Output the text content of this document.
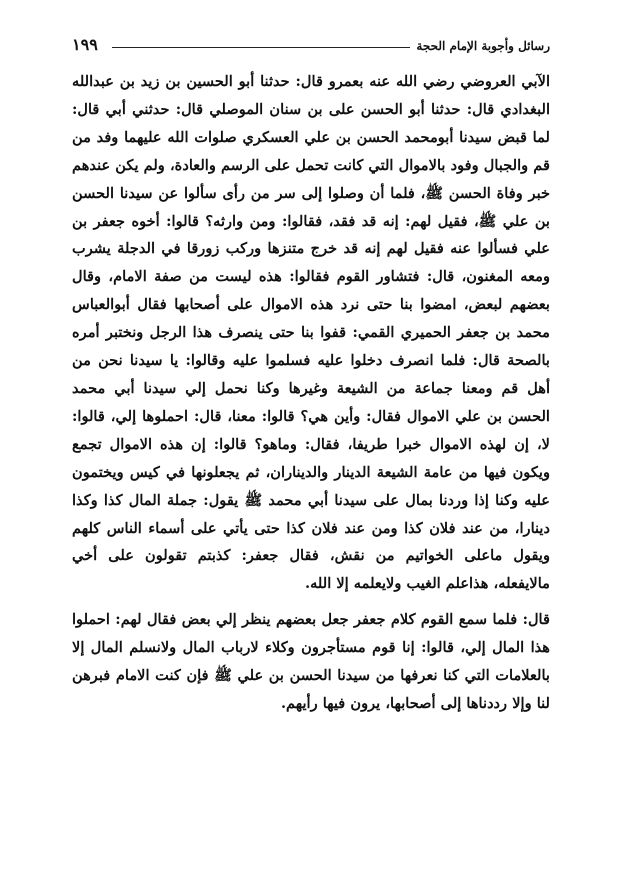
رسائل وأجوبة الإمام الحجة
١٩٩

الآبي العروضي رضي الله عنه بعمرو قال: حدثنا أبو الحسين بن زيد بن عبدالله البغدادي قال: حدثنا أبو الحسن على بن سنان الموصلي قال: حدثني أبي قال: لما قبض سيدنا أبومحمد الحسن بن علي العسكري صلوات الله عليهما وفد من قم والجبال وفود بالاموال التي كانت تحمل على الرسم والعادة، ولم يكن عندهم خبر وفاة الحسن ﷺ، فلما أن وصلوا إلى سر من رأى سألوا عن سيدنا الحسن بن علي ﷺ، فقيل لهم: إنه قد فقد، فقالوا: ومن وارثه؟ قالوا: أخوه جعفر بن علي فسألوا عنه فقيل لهم إنه قد خرج متنزها وركب زورقا في الدجلة يشرب ومعه المغنون، قال: فتشاور القوم فقالوا: هذه ليست من صفة الامام، وقال بعضهم لبعض، امضوا بنا حتى نرد هذه الاموال على أصحابها فقال أبوالعباس محمد بن جعفر الحميري القمي: قفوا بنا حتى ينصرف هذا الرجل ونختبر أمره بالصحة قال: فلما انصرف دخلوا عليه فسلموا عليه وقالوا: يا سيدنا نحن من أهل قم ومعنا جماعة من الشيعة وغيرها وكنا نحمل إلي سيدنا أبي محمد الحسن بن علي الاموال فقال: وأين هي؟ قالوا: معنا، قال: احملوها إلي، قالوا: لا، إن لهذه الاموال خبرا طريفا، فقال: وماهو؟ قالوا: إن هذه الاموال تجمع ويكون فيها من عامة الشيعة الدينار والديناران، ثم يجعلونها في كيس ويختمون عليه وكنا إذا وردنا بمال على سيدنا أبي محمد ﷺ يقول: جملة المال كذا وكذا دينارا، من عند فلان كذا ومن عند فلان كذا حتى يأتي على أسماء الناس كلهم ويقول ماعلى الخواتيم من نقش، فقال جعفر: كذبتم تقولون على أخي مالايفعله، هذاعلم الغيب ولايعلمه إلا الله.

قال: فلما سمع القوم كلام جعفر جعل بعضهم ينظر إلي بعض فقال لهم: احملوا هذا المال إلي، قالوا: إنا قوم مستأجرون وكلاء لارباب المال ولانسلم المال إلا بالعلامات التي كنا نعرفها من سيدنا الحسن بن علي ﷺ فإن كنت الامام فبرهن لنا وإلا رددناها إلى أصحابها، يرون فيها رأيهم.
